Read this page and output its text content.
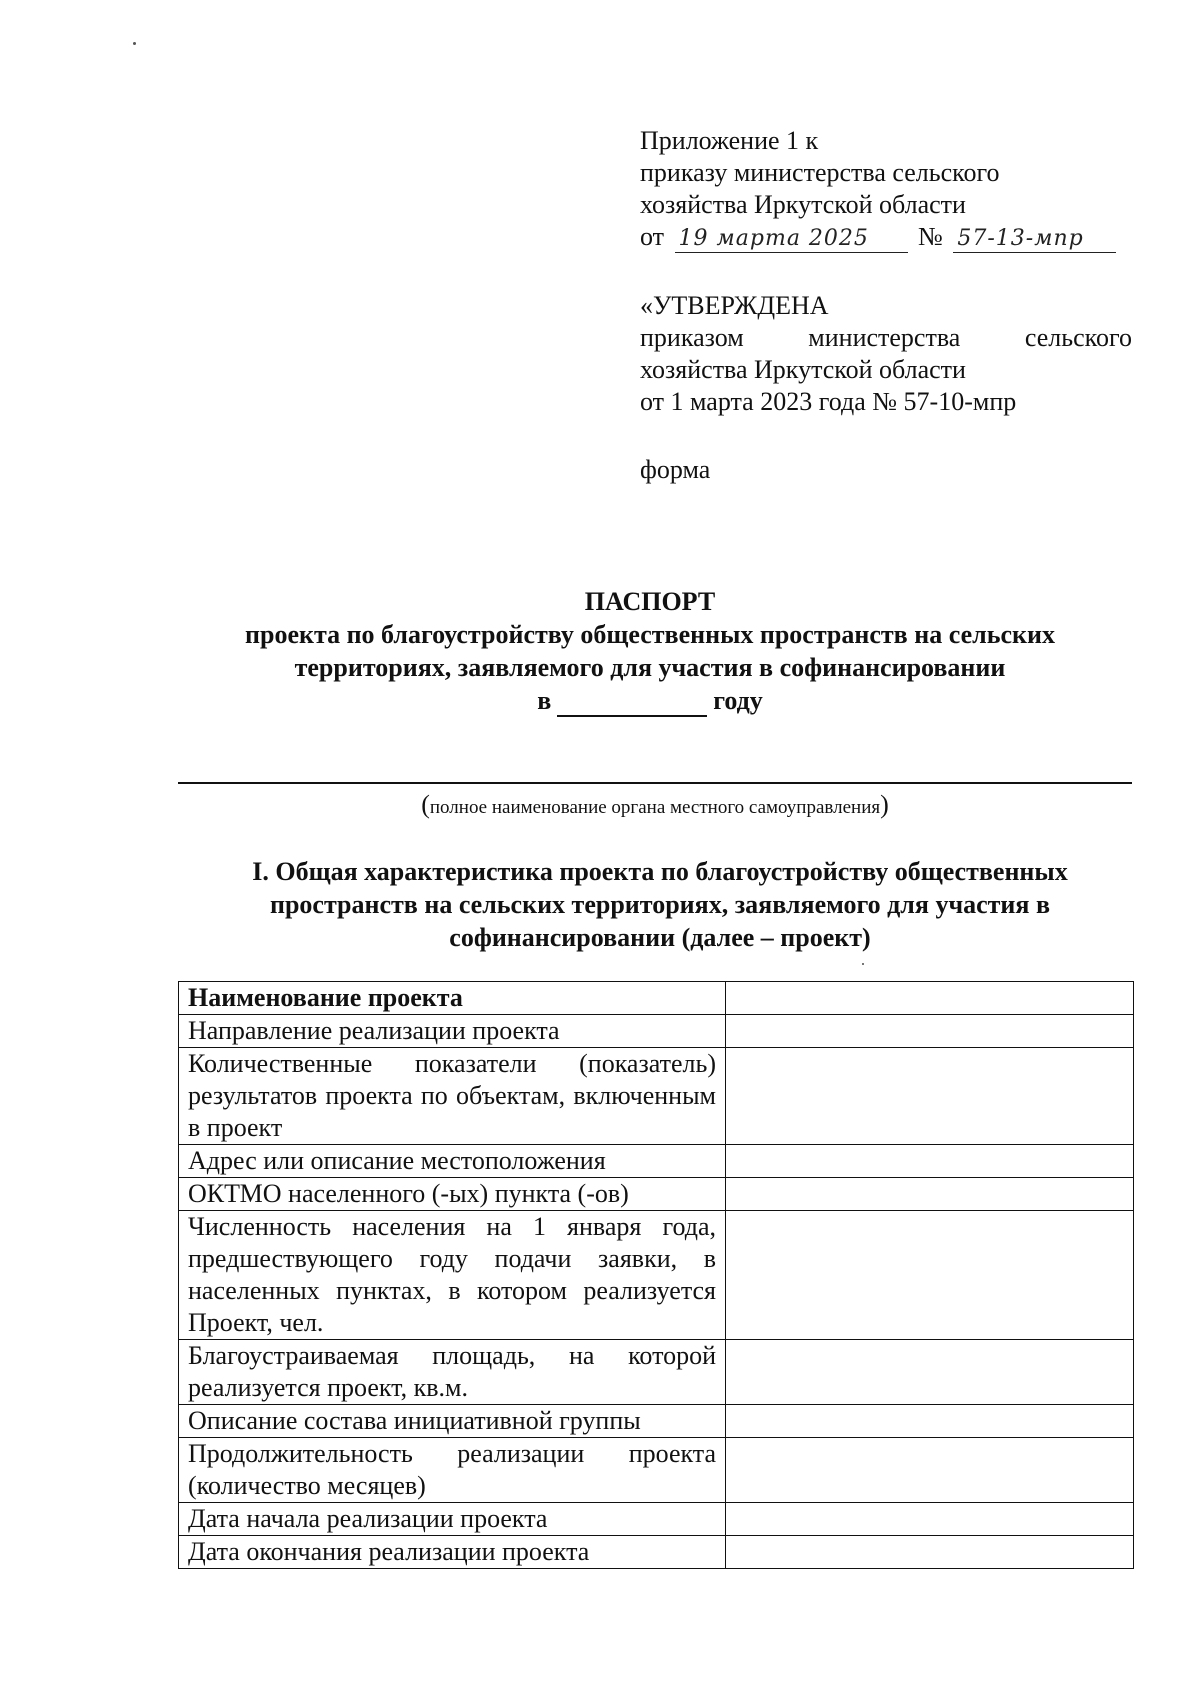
Приложение 1 к
приказу министерства сельского
хозяйства Иркутской области
от 19 марта 2025 № 57-13-мпр
«УТВЕРЖДЕНА
приказом министерства сельского
хозяйства Иркутской области
от 1 марта 2023 года № 57-10-мпр
форма
ПАСПОРТ
проекта по благоустройству общественных пространств на сельских
территориях, заявляемого для участия в софинансировании
в	году
(полное наименование органа местного самоуправления)
I. Общая характеристика проекта по благоустройству общественных
пространств на сельских территориях, заявляемого для участия в
софинансировании (далее – проект)
Наименование проекта	
Направление реализации проекта	
Количественные показатели (показатель) результатов проекта по объектам, включенным в проект	
Адрес или описание местоположения	
ОКТМО населенного (-ых) пункта (-ов)	
Численность населения на 1 января года, предшествующего году подачи заявки, в населенных пунктах, в котором реализуется Проект, чел.	
Благоустраиваемая площадь, на которой реализуется проект, кв.м.	
Описание состава инициативной группы	
Продолжительность реализации проекта (количество месяцев)	
Дата начала реализации проекта	
Дата окончания реализации проекта	
